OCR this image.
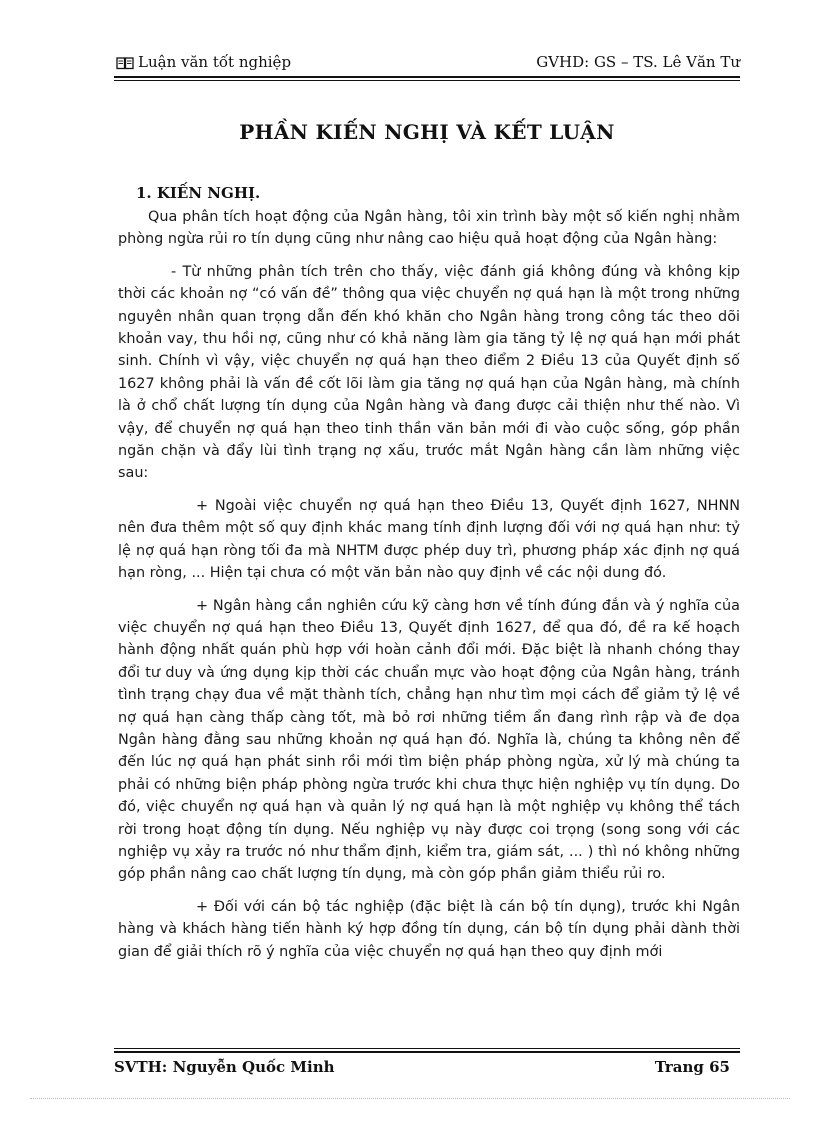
Luận văn tốt nghiệp	GVHD: GS – TS. Lê Văn Tư
PHẦN KIẾN NGHỊ VÀ KẾT LUẬN
1. KIẾN NGHỊ.

Qua phân tích hoạt động của Ngân hàng, tôi xin trình bày một số kiến nghị nhằm phòng ngừa rủi ro tín dụng cũng như nâng cao hiệu quả hoạt động của Ngân hàng:

- Từ những phân tích trên cho thấy, việc đánh giá không đúng và không kịp thời các khoản nợ “có vấn đề” thông qua việc chuyển nợ quá hạn là một trong những nguyên nhân quan trọng dẫn đến khó khăn cho Ngân hàng trong công tác theo dõi khoản vay, thu hồi nợ, cũng như có khả năng làm gia tăng tỷ lệ nợ quá hạn mới phát sinh. Chính vì vậy, việc chuyển nợ quá hạn theo điểm 2 Điều 13 của Quyết định số 1627 không phải là vấn đề cốt lõi làm gia tăng nợ quá hạn của Ngân hàng, mà chính là ở chổ chất lượng tín dụng của Ngân hàng và đang được cải thiện như thế nào. Vì vậy, để chuyển nợ quá hạn theo tinh thần văn bản mới đi vào cuộc sống, góp phần ngăn chặn và đẩy lùi tình trạng nợ xấu, trước mắt Ngân hàng cần làm những việc sau:

+ Ngoài việc chuyển nợ quá hạn theo Điều 13, Quyết định 1627, NHNN nên đưa thêm một số quy định khác mang tính định lượng đối với nợ quá hạn như: tỷ lệ nợ quá hạn ròng tối đa mà NHTM được phép duy trì, phương pháp xác định nợ quá hạn ròng, ... Hiện tại chưa có một văn bản nào quy định về các nội dung đó.

+ Ngân hàng cần nghiên cứu kỹ càng hơn về tính đúng đắn và ý nghĩa của việc chuyển nợ quá hạn theo Điều 13, Quyết định 1627, để qua đó, đề ra kế hoạch hành động nhất quán phù hợp với hoàn cảnh đổi mới. Đặc biệt là nhanh chóng thay đổi tư duy và ứng dụng kịp thời các chuẩn mực vào hoạt động của Ngân hàng, tránh tình trạng chạy đua về mặt thành tích, chẳng hạn như tìm mọi cách để giảm tỷ lệ về nợ quá hạn càng thấp càng tốt, mà bỏ rơi những tiềm ẩn đang rình rập và đe dọa Ngân hàng đằng sau những khoản nợ quá hạn đó. Nghĩa là, chúng ta không nên để đến lúc nợ quá hạn phát sinh rồi mới tìm biện pháp phòng ngừa, xử lý mà chúng ta phải có những biện pháp phòng ngừa trước khi chưa thực hiện nghiệp vụ tín dụng. Do đó, việc chuyển nợ quá hạn và quản lý nợ quá hạn là một nghiệp vụ không thể tách rời trong hoạt động tín dụng. Nếu nghiệp vụ này được coi trọng (song song với các nghiệp vụ xảy ra trước nó như thẩm định, kiểm tra, giám sát, ... ) thì nó không những góp phần nâng cao chất lượng tín dụng, mà còn góp phần giảm thiểu rủi ro.

+ Đối với cán bộ tác nghiệp (đặc biệt là cán bộ tín dụng), trước khi Ngân hàng và khách hàng tiến hành ký hợp đồng tín dụng, cán bộ tín dụng phải dành thời gian để giải thích rõ ý nghĩa của việc chuyển nợ quá hạn theo quy định mới

SVTH: Nguyễn Quốc Minh	Trang 65
